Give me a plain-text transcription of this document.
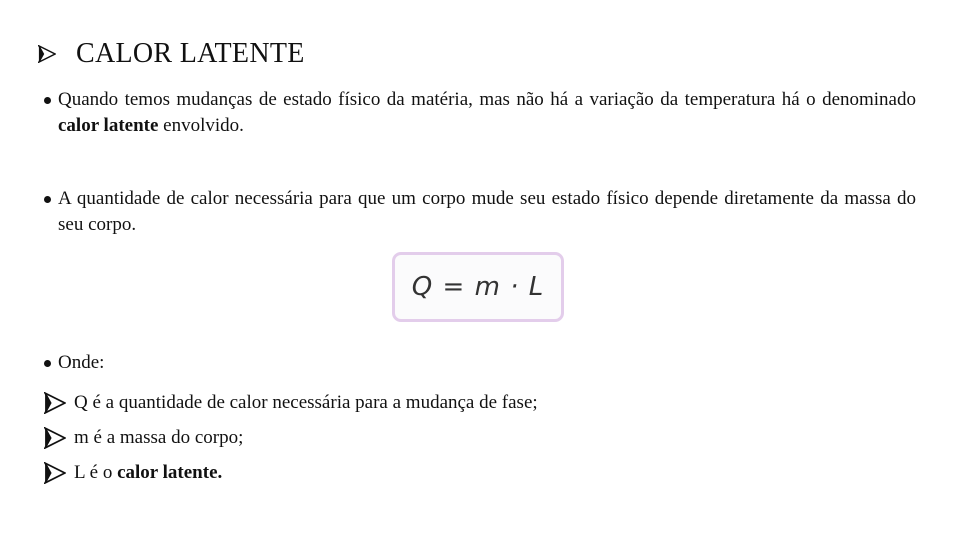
CALOR LATENTE
Quando temos mudanças de estado físico da matéria, mas não há a variação da temperatura há o denominado calor latente envolvido.
A quantidade de calor necessária para que um corpo mude seu estado físico depende diretamente da massa do seu corpo.
Q = m · L
Onde:
Q é a quantidade de calor necessária para a mudança de fase;
m é a massa do corpo;
L é o calor latente.
